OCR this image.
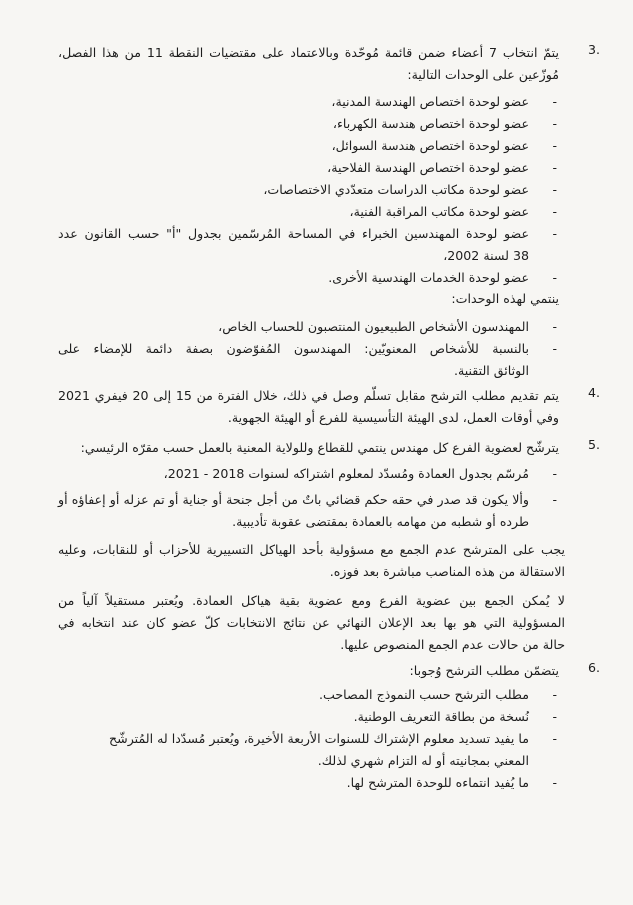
3.
يتمّ انتخاب 7 أعضاء ضمن قائمة مُوحّدة وبالاعتماد على مقتضيات النقطة 11 من هذا الفصل،
مُوزّعين على الوحدات التالية:
- عضو لوحدة اختصاص الهندسة المدنية،
- عضو لوحدة اختصاص هندسة الكهرباء،
- عضو لوحدة اختصاص هندسة السوائل،
- عضو لوحدة اختصاص الهندسة الفلاحية،
- عضو لوحدة مكاتب الدراسات متعدّدي الاختصاصات،
- عضو لوحدة مكاتب المراقبة الفنية،
- عضو لوحدة المهندسين الخبراء في المساحة المُرسّمين بجدول "أ" حسب القانون عدد
38 لسنة 2002،
- عضو لوحدة الخدمات الهندسية الأخرى.
ينتمي لهذه الوحدات:
- المهندسون الأشخاص الطبيعيون المنتصبون للحساب الخاص،
- بالنسبة للأشخاص المعنويّين: المهندسون المُفوّضون بصفة دائمة للإمضاء على
الوثائق التقنية.
4.
يتم تقديم مطلب الترشح مقابل تسلّم وصل في ذلك، خلال الفترة من 15 إلى 20 فيفري 2021
وفي أوقات العمل، لدى الهيئة التأسيسية للفرع أو الهيئة الجهوية.
5.
يترشّح لعضوية الفرع كل مهندس ينتمي للقطاع وللولاية المعنية بالعمل حسب مقرّه الرئيسي:
- مُرسّم بجدول العمادة ومُسدّد لمعلوم اشتراكه لسنوات 2018 - 2021،
- وألا يكون قد صدر في حقه حكم قضائي باتٌ من أجل جنحة أو جناية أو تم عزله أو إعفاؤه أو
طرده أو شطبه من مهامه بالعمادة بمقتضى عقوبة تأديبية.
يجب على المترشح عدم الجمع مع مسؤولية بأحد الهياكل التسييرية للأحزاب أو للنقابات، وعليه
الاستقالة من هذه المناصب مباشرة بعد فوزه.
لا يُمكن الجمع بين عضوية الفرع ومع عضوية بقية هياكل العمادة. ويُعتبر مستقيلاً آلياً من
المسؤولية التي هو بها بعد الإعلان النهائي عن نتائج الانتخابات كلّ عضو كان عند انتخابه في
حالة من حالات عدم الجمع المنصوص عليها.
6.
يتضمّن مطلب الترشح وُجوبا:
- مطلب الترشح حسب النموذج المصاحب.
- نُسخة من بطاقة التعريف الوطنية.
- ما يفيد تسديد معلوم الإشتراك للسنوات الأربعة الأخيرة، ويُعتبر مُسدّدا له المُترشّح
المعني بمجانيته أو له التزام شهري لذلك.
- ما يُفيد انتماءه للوحدة المترشح لها.
